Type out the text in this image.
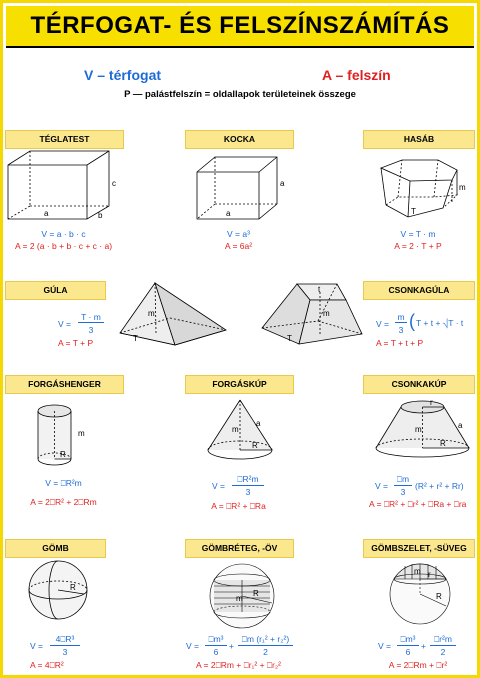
TÉRFOGAT- ÉS FELSZÍNSZÁMÍTÁS
V – térfogat	A – felszín
P — palástfelszín = oldallapok területeinek összege
TÉGLATEST
a	b
c
V = a · b · c
A = 2 (a · b + b · c + c · a)
KOCKA
a
a
V = a³
A = 6a²
HASÁB
T
m
V = T · m
A = 2 · T + P
GÚLA
V =
T · m
3
A = T + P
m
T
t
m
T
CSONKAGÚLA
V =
m
3 ( T + t + ⎷T · t
A = T + t + P
FORGÁSHENGER
m
R
V = ⎕R²m
A = 2⎕R² + 2⎕Rm
FORGÁSKÚP
a
m
R
V =
⎕R²m
3
A = ⎕R² + ⎕Ra
CSONKAKÚP
r
m	a
R
V =
⎕m
3
(R² + r² + Rr)
A = ⎕R² + ⎕r² + ⎕Ra + ⎕ra
GÖMB
R
V =
4⎕R³
3
A = 4⎕R²
GÖMBRÉTEG, -ÖV
m
R
V =
⎕m³
6
+
⎕m (r₁² + r₂²)
2
A = 2⎕Rm + ⎕r₁² + ⎕r₂²
GÖMBSZELET, -SÜVEG
r
m
R
V =
⎕m³
6
+
⎕r²m
2
A = 2⎕Rm + ⎕r²
